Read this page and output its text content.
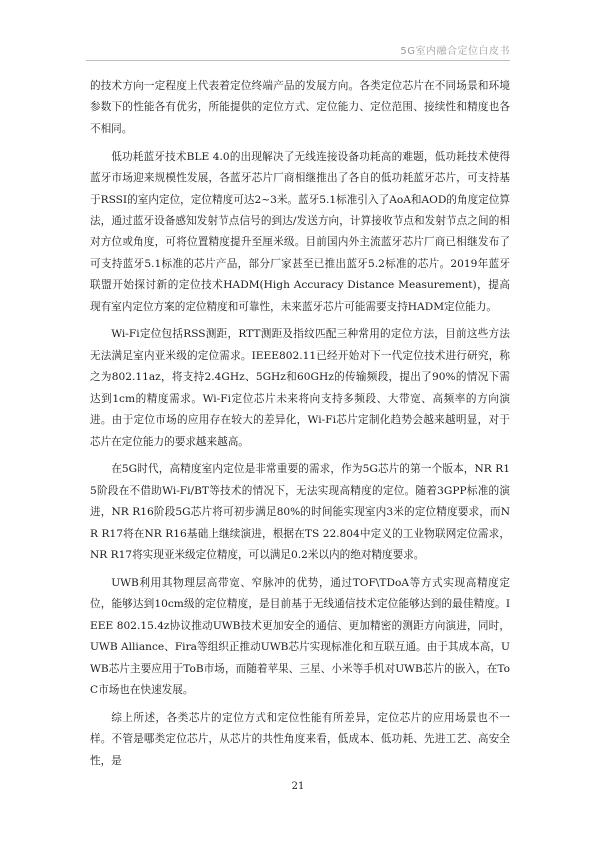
5G室内融合定位白皮书

的技术方向一定程度上代表着定位终端产品的发展方向。各类定位芯片在不同场景和环境参数下的性能各有优劣，所能提供的定位方式、定位能力、定位范围、接续性和精度也各不相同。

低功耗蓝牙技术BLE 4.0的出现解决了无线连接设备功耗高的难题，低功耗技术使得蓝牙市场迎来规模性发展，各蓝牙芯片厂商相继推出了各自的低功耗蓝牙芯片，可支持基于RSSI的室内定位，定位精度可达2~3米。蓝牙5.1标准引入了AoA和AOD的角度定位算法，通过蓝牙设备感知发射节点信号的到达/发送方向，计算接收节点和发射节点之间的相对方位或角度，可将位置精度提升至厘米级。目前国内外主流蓝牙芯片厂商已相继发布了可支持蓝牙5.1标准的芯片产品，部分厂家甚至已推出蓝牙5.2标准的芯片。2019年蓝牙联盟开始探讨新的定位技术HADM(High Accuracy Distance Measurement)，提高现有室内定位方案的定位精度和可靠性，未来蓝牙芯片可能需要支持HADM定位能力。

Wi-Fi定位包括RSS测距，RTT测距及指纹匹配三种常用的定位方法，目前这些方法无法满足室内亚米级的定位需求。IEEE802.11已经开始对下一代定位技术进行研究，称之为802.11az，将支持2.4GHz、5GHz和60GHz的传输频段，提出了90%的情况下需达到1cm的精度需求。Wi-Fi定位芯片未来将向支持多频段、大带宽、高频率的方向演进。由于定位市场的应用存在较大的差异化，Wi-Fi芯片定制化趋势会越来越明显，对于芯片在定位能力的要求越来越高。

在5G时代，高精度室内定位是非常重要的需求，作为5G芯片的第一个版本，NR R15阶段在不借助Wi-Fi/BT等技术的情况下，无法实现高精度的定位。随着3GPP标准的演进，NR R16阶段5G芯片将可初步满足80%的时间能实现室内3米的定位精度要求，而NR R17将在NR R16基础上继续演进，根据在TS 22.804中定义的工业物联网定位需求，NR R17将实现亚米级定位精度，可以满足0.2米以内的绝对精度要求。

UWB利用其物理层高带宽、窄脉冲的优势，通过TOF\TDoA等方式实现高精度定位，能够达到10cm级的定位精度，是目前基于无线通信技术定位能够达到的最佳精度。IEEE 802.15.4z协议推动UWB技术更加安全的通信、更加精密的测距方向演进，同时，UWB Alliance、Fira等组织正推动UWB芯片实现标准化和互联互通。由于其成本高，UWB芯片主要应用于ToB市场，而随着苹果、三星、小米等手机对UWB芯片的嵌入，在ToC市场也在快速发展。

综上所述，各类芯片的定位方式和定位性能有所差异，定位芯片的应用场景也不一样。不管是哪类定位芯片，从芯片的共性角度来看，低成本、低功耗、先进工艺、高安全性，是

21
